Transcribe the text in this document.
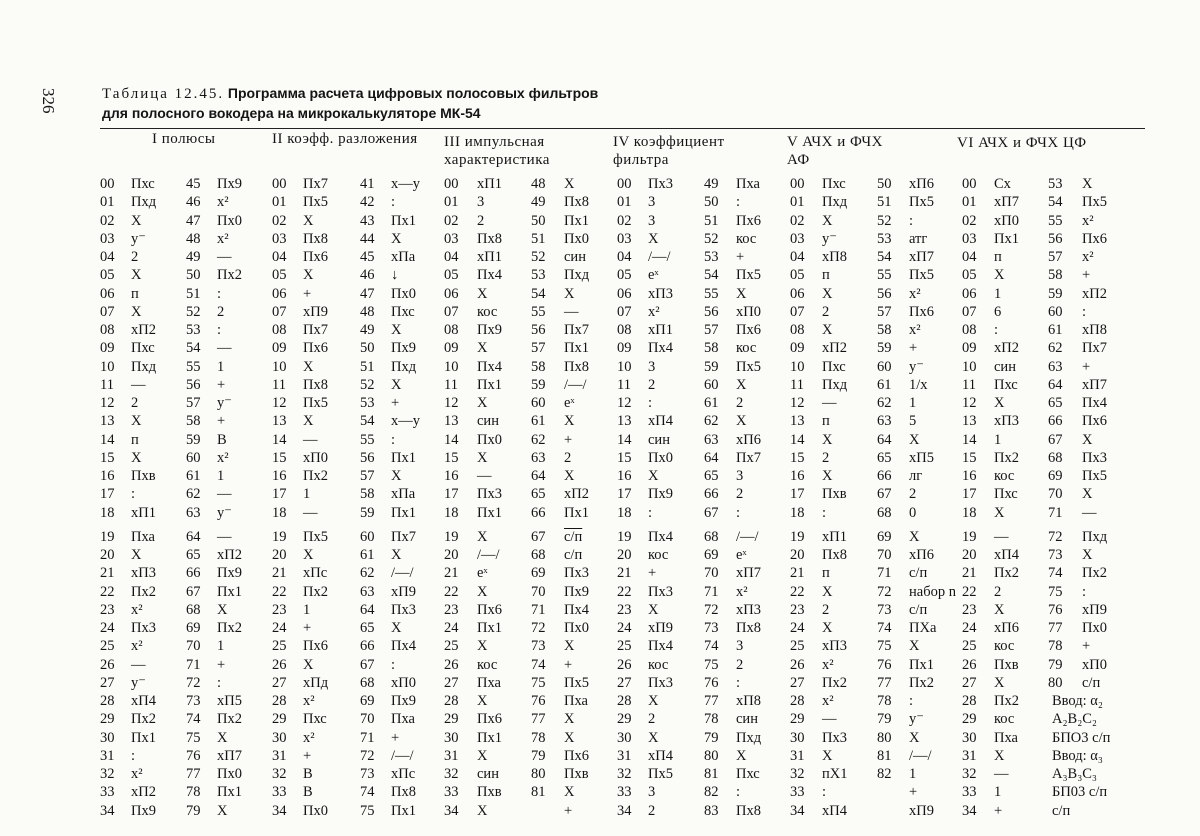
326	Таблица 12.45. Программа расчета цифровых полосовых фильтров
для полосного вокодера на микрокалькуляторе МК-54
I полюсы	II коэфф. разложения III импульсная
характеристика
IV коэффициент
фильтра
V АЧХ и ФЧХ
АФ
VI АЧХ и ФЧХ ЦФ
00 Пхс
01 Пхд
02 X
03 у⁻
04 2
05 X
06 п
07 X
08 хП2
09 Пхс
10 Пхд
11 —
12 2
13 X
14 п
15 X
16 Пхв
17 :
18 хП1
19 Пха
20 X
21 хП3
22 Пх2
23 x²
24 Пх3
25 x²
26 —
27 у⁻
28 хП4
29 Пх2
30 Пх1
31 :
32 x²
33 хП2
34 Пх9
45 Пх9
46 x²
47 Пх0
48 x²
49 —
50 Пх2
51 :
52 2
53 :
54 —
55 1
56 +
57 у⁻
58 +
59 В
60 x²
61 1
62 —
63 у⁻
64 —
65 хП2
66 Пх9
67 Пх1
68 X
69 Пх2
70 1
71 +
72 :
73 хП5
74 Пх2
75 X
76 хП7
77 Пх0
78 Пх1
79 X
00 Пх7
01 Пх5
02 X
03 Пх8
04 Пх6
05 X
06 +
07 хП9
08 Пх7
09 Пх6
10 X
11 Пх8
12 Пх5
13 X
14 —
15 хП0
16 Пх2
17 1
18 —
19 Пх5
20 X
21 хПс
22 Пх2
23 1
24 +
25 Пх6
26 X
27 хПд
28 x²
29 Пхс
30 x²
31 +
32 В
33 В
34 Пх0
41 х—у
42 :
43 Пх1
44 X
45 хПа
46 ↓
47 Пх0
48 Пхс
49 X
50 Пх9
51 Пхд
52 X
53 +
54 х—у
55 :
56 Пх1
57 X
58 хПа
59 Пх1
60 Пх7
61 X
62 /—/
63 хП9
64 Пх3
65 X
66 Пх4
67 :
68 хП0
69 Пх9
70 Пха
71 +
72 /—/
73 хПс
74 Пх8
75 Пх1
00 хП1
01 3
02 2
03 Пх8
04 хП1
05 Пх4
06 X
07 кос
08 Пх9
09 X
10 Пх4
11 Пх1
12 X
13 син
14 Пх0
15 X
16 —
17 Пх3
18 Пх1
19 X
20 /—/
21 eˣ
22 X
23 Пх6
24 Пх1
25 X
26 кос
27 Пха
28 X
29 Пх6
30 Пх1
31 X
32 син
33 Пхв
34 X
48 X
49 Пх8
50 Пх1
51 Пх0
52 син
53 Пхд
54 X
55 —
56 Пх7
57 Пх1
58 Пх8
59 /—/
60 eˣ
61 X
62 +
63 2
64 X
65 хП2
66 Пх1
67 с/п
68 с/п
69 Пх3
70 Пх9
71 Пх4
72 Пх0
73 X
74 +
75 Пх5
76 Пха
77 X
78 X
79 Пх6
80 Пхв
81 X
+
00 Пх3
01 3
02 3
03 X
04 /—/
05 eˣ
06 хП3
07 x²
08 хП1
09 Пх4
10 3
11 2
12 :
13 хП4
14 син
15 Пх0
16 X
17 Пх9
18 :
19 Пх4
20 кос
21 +
22 Пх3
23 X
24 хП9
25 Пх4
26 кос
27 Пх3
28 X
29 2
30 X
31 хП4
32 Пх5
33 3
34 2
49 Пха
50 :
51 Пх6
52 кос
53 +
54 Пх5
55 X
56 хП0
57 Пх6
58 кос
59 Пх5
60 X
61 2
62 X
63 хП6
64 Пх7
65 3
66 2
67 :
68 /—/
69 eˣ
70 хП7
71 x²
72 хП3
73 Пх8
74 3
75 2
76 :
77 хП8
78 син
79 Пхд
80 X
81 Пхс
82 :
83 Пх8
00 Пхс
01 Пхд
02 X
03 у⁻
04 хП8
05 п
06 X
07 2
08 X
09 хП2
10 Пхс
11 Пхд
12 —
13 п
14 X
15 2
16 X
17 Пхв
18 :
19 хП1
20 Пх8
21 п
22 X
23 2
24 X
25 хП3
26 x²
27 Пх2
28 x²
29 —
30 Пх3
31 X
32 пХ1
33 :
34 хП4
50 хП6
51 Пх5
52 :
53 атг
54 хП7
55 Пх5
56 x²
57 Пх6
58 x²
59 +
60 у⁻
61 1/х
62 1
63 5
64 X
65 хП5
66 лг
67 2
68 0
69 X
70 хП6
71 с/п
72 набор n
73 с/п
74 ПХа
75 X
76 Пх1
77 Пх2
78 :
79 у⁻
80 X
81 /—/
82 1
+
хП9
00 Сх
01 хП7
02 хП0
03 Пх1
04 п
05 X
06 1
07 6
08 :
09 хП2
10 син
11 Пхс
12 X
13 хП3
14 1
15 Пх2
16 кос
17 Пхс
18 X
19 —
20 хП4
21 Пх2
22 2
23 X
24 хП6
25 кос
26 Пхв
27 X
28 Пх2
29 кос
30 Пха
31 X
32 —
33 1
34 +
53 X
54 Пх5
55 x²
56 Пх6
57 x²
58 +
59 хП2
60 :
61 хП8
62 Пх7
63 +
64 хП7
65 Пх4
66 Пх6
67 X
68 Пх3
69 Пх5
70 X
71 —
72 Пхд
73 X
74 Пх2
75 :
76 хП9
77 Пх0
78 +
79 хП0
80 с/п
Ввод: α₂
A₂B₂C₂
БПО3 с/п
Ввод: α₃
A₃B₃C₃
БП03 с/п
с/п
